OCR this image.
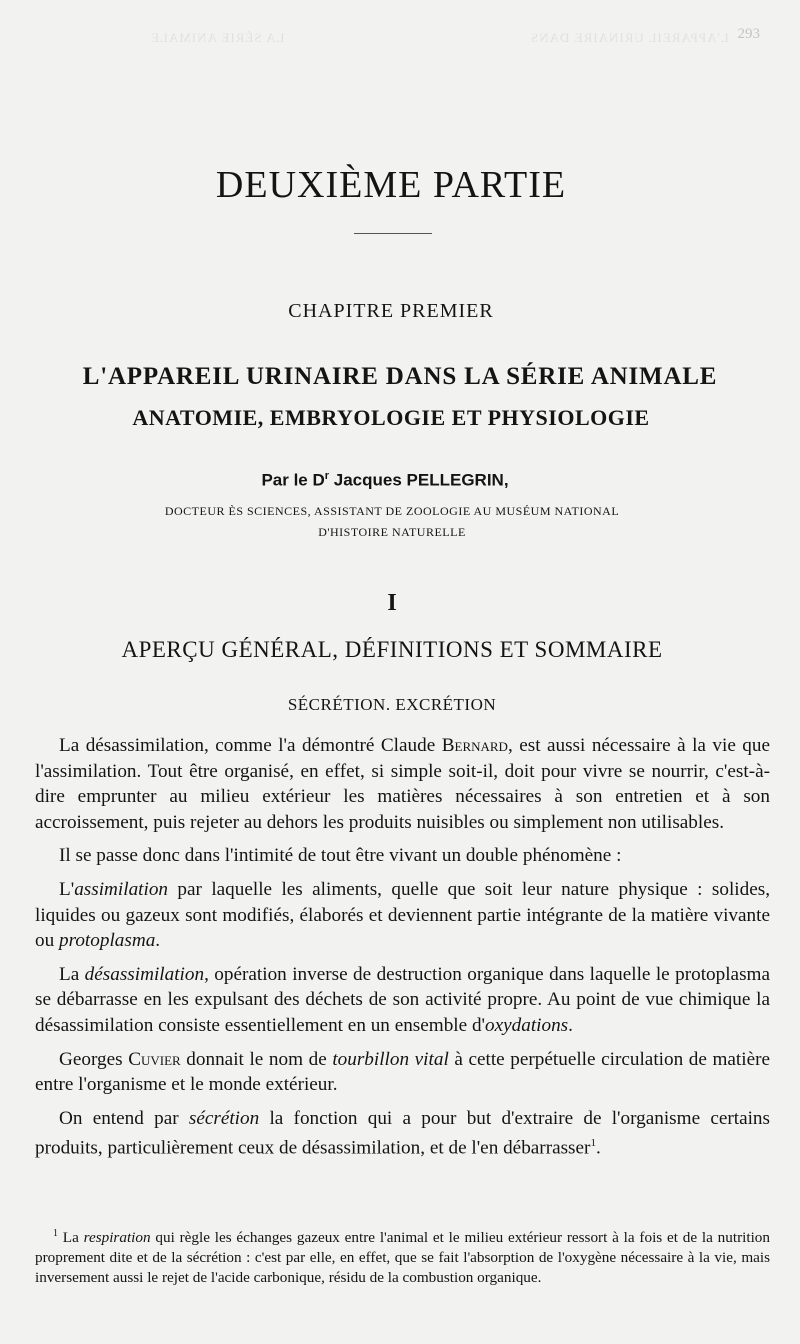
LA SÉRIE ANIMALE	L'APPAREIL URINAIRE DANS 293
DEUXIÈME PARTIE
CHAPITRE PREMIER
L'APPAREIL URINAIRE DANS LA SÉRIE ANIMALE
ANATOMIE, EMBRYOLOGIE ET PHYSIOLOGIE
Par le $D^r$ Jacques PELLEGRIN,
DOCTEUR ÈS SCIENCES, ASSISTANT DE ZOOLOGIE AU MUSÉUM NATIONAL
D'HISTOIRE NATURELLE
I
APERÇU GÉNÉRAL, DÉFINITIONS ET SOMMAIRE
SÉCRÉTION. EXCRÉTION

La désassimilation, comme l'a démontré Claude Bernard, est aussi nécessaire à la vie que l'assimilation. Tout être organisé, en effet, si simple soit-il, doit pour vivre se nourrir, c'est-à-dire emprunter au milieu extérieur les matières nécessaires à son entretien et à son accroissement, puis rejeter au dehors les produits nuisibles ou simplement non utilisables.

Il se passe donc dans l'intimité de tout être vivant un double phénomène :

L'assimilation par laquelle les aliments, quelle que soit leur nature physique : solides, liquides ou gazeux sont modifiés, élaborés et deviennent partie intégrante de la matière vivante ou protoplasma.

La désassimilation, opération inverse de destruction organique dans laquelle le protoplasma se débarrasse en les expulsant des déchets de son activité propre. Au point de vue chimique la désassimilation consiste essentiellement en un ensemble d'oxydations.

Georges Cuvier donnait le nom de tourbillon vital à cette perpétuelle circulation de matière entre l'organisme et le monde extérieur.

On entend par sécrétion la fonction qui a pour but d'extraire de l'organisme certains produits, particulièrement ceux de désassimilation, et de l'en débarrasser$^1$.

$^1$ La respiration qui règle les échanges gazeux entre l'animal et le milieu extérieur ressort à la fois et de la nutrition proprement dite et de la sécrétion : c'est par elle, en effet, que se fait l'absorption de l'oxygène nécessaire à la vie, mais inversement aussi le rejet de l'acide carbonique, résidu de la combustion organique.
